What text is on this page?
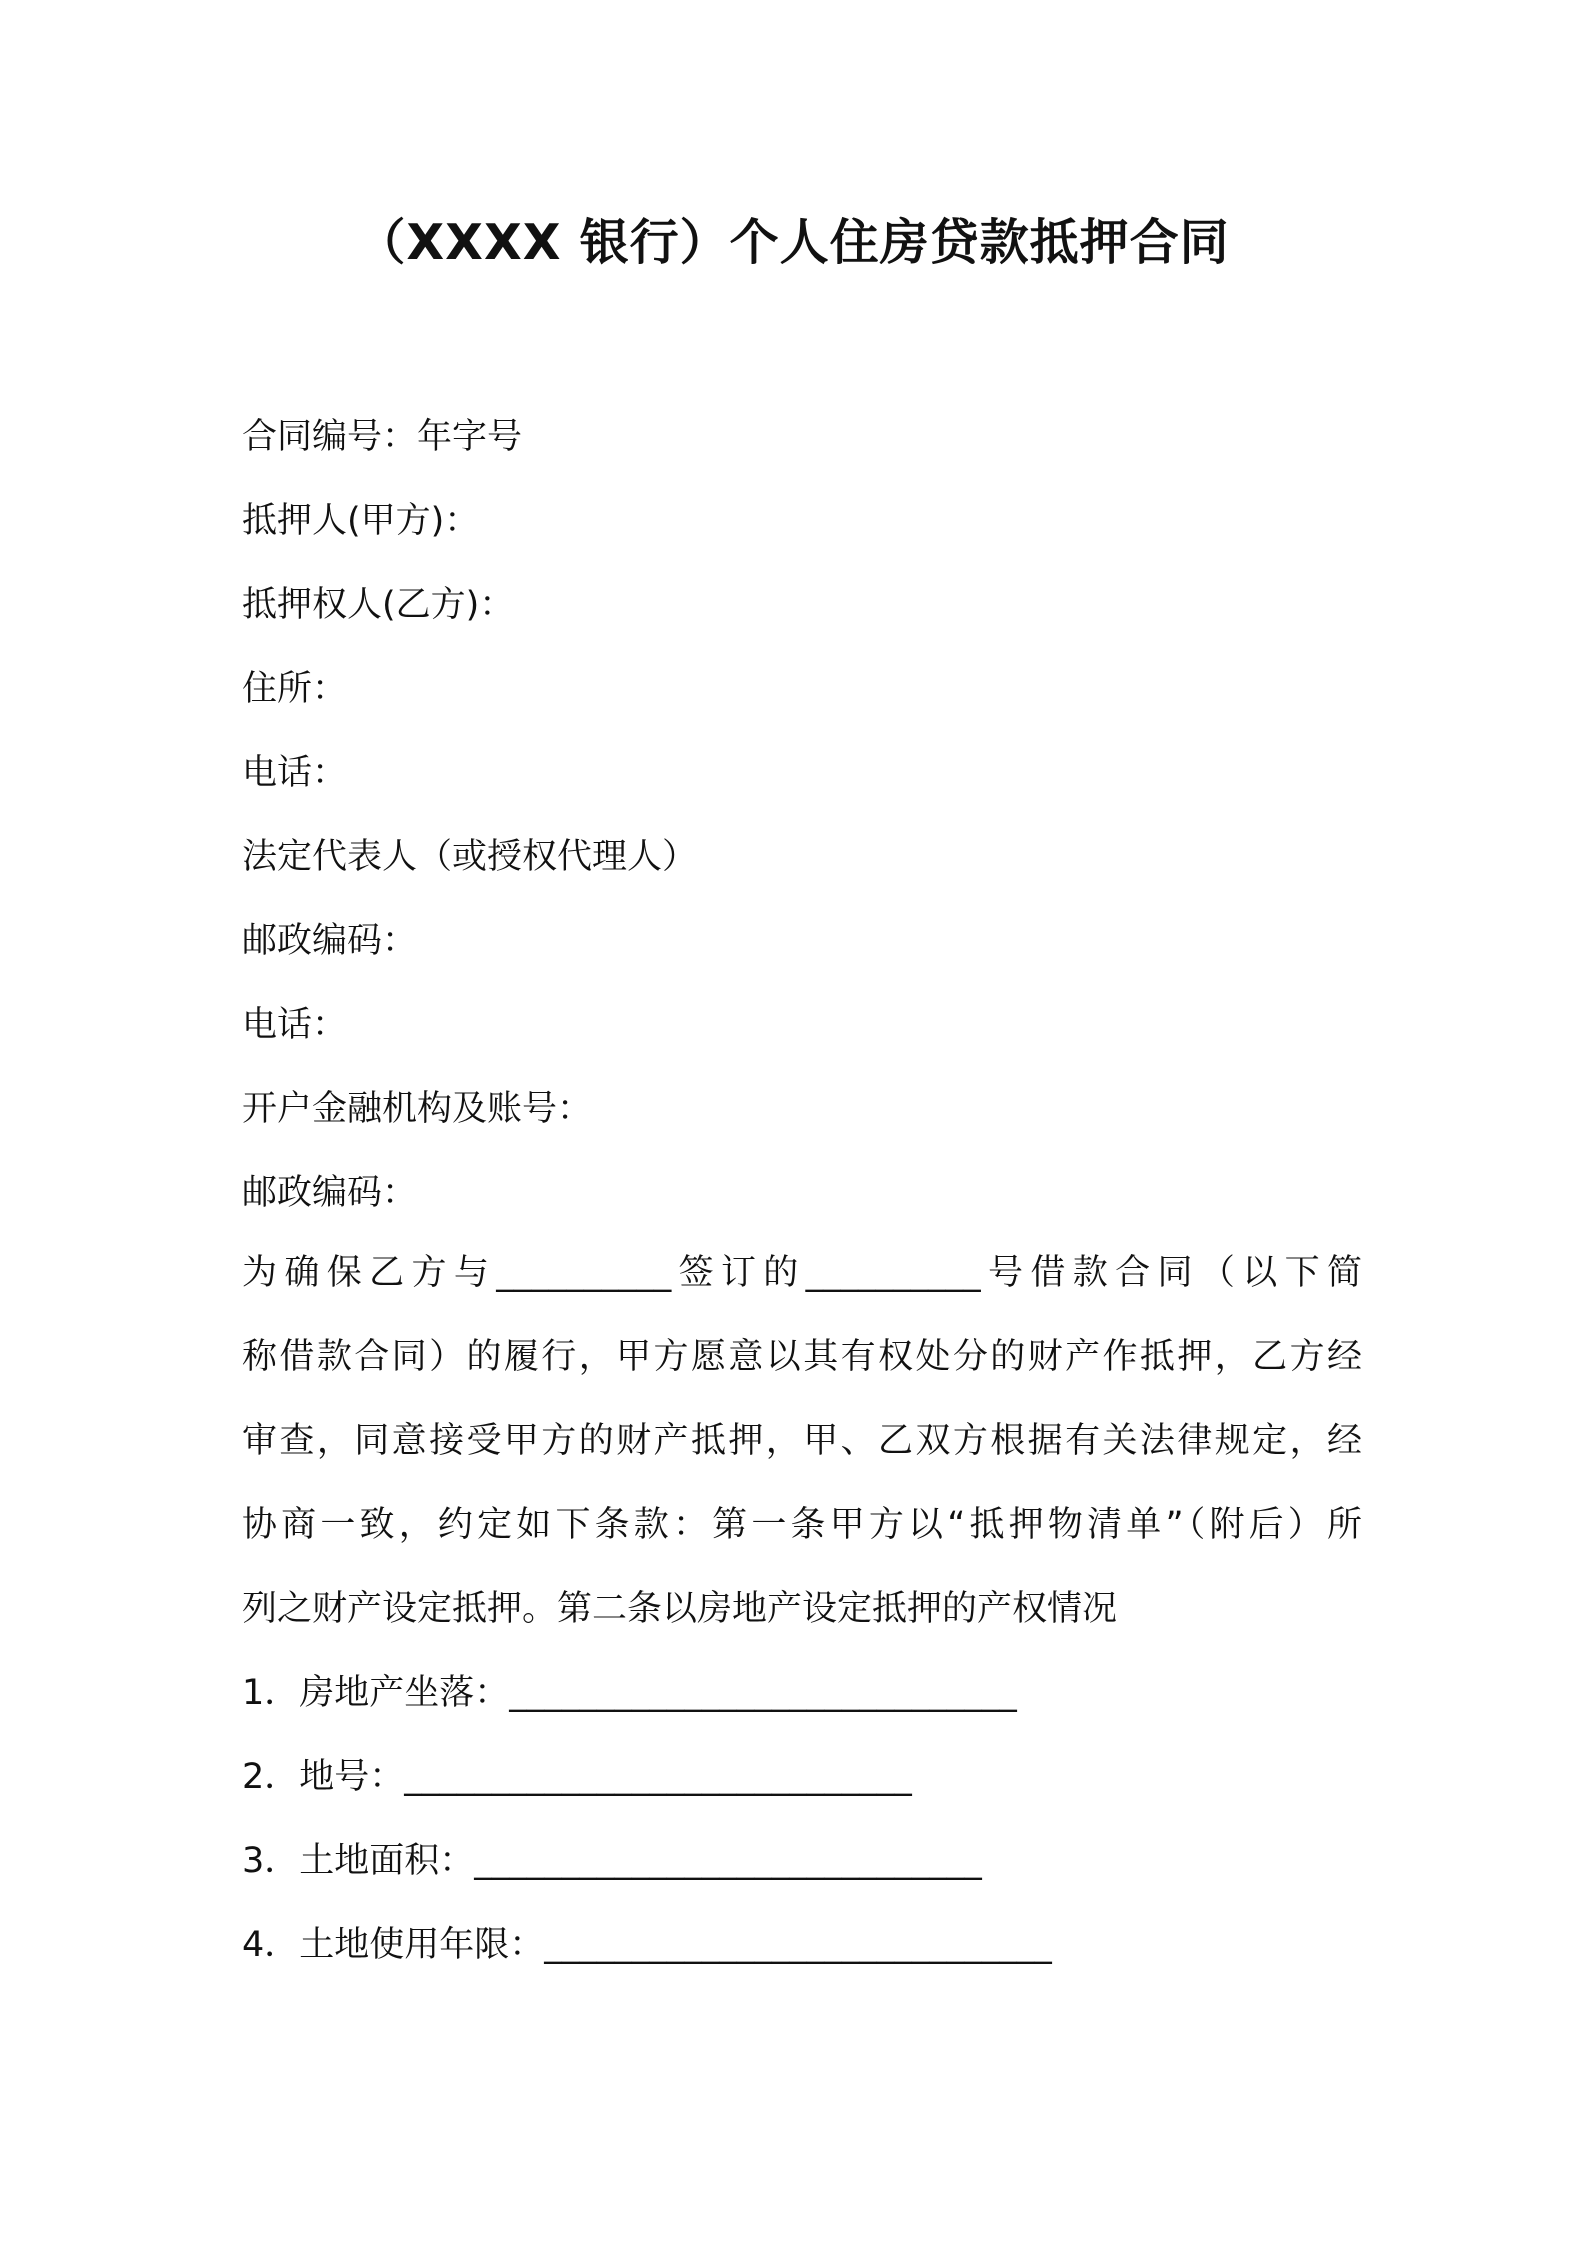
（XXXX 银行）个人住房贷款抵押合同
合同编号：年字号
抵押人(甲方)：
抵押权人(乙方)：
住所：
电话：
法定代表人（或授权代理人）
邮政编码：
电话：
开户金融机构及账号：
邮政编码：
为确保乙方与__________签订的__________号借款合同（以下简
称借款合同）的履行，甲方愿意以其有权处分的财产作抵押，乙方经
审查，同意接受甲方的财产抵押，甲、乙双方根据有关法律规定，经
协商一致，约定如下条款：第一条甲方以“抵押物清单”（附后）所
列之财产设定抵押。第二条以房地产设定抵押的产权情况
1．房地产坐落：_____________________________
2．地号：_____________________________
3．土地面积：_____________________________
4．土地使用年限：_____________________________
